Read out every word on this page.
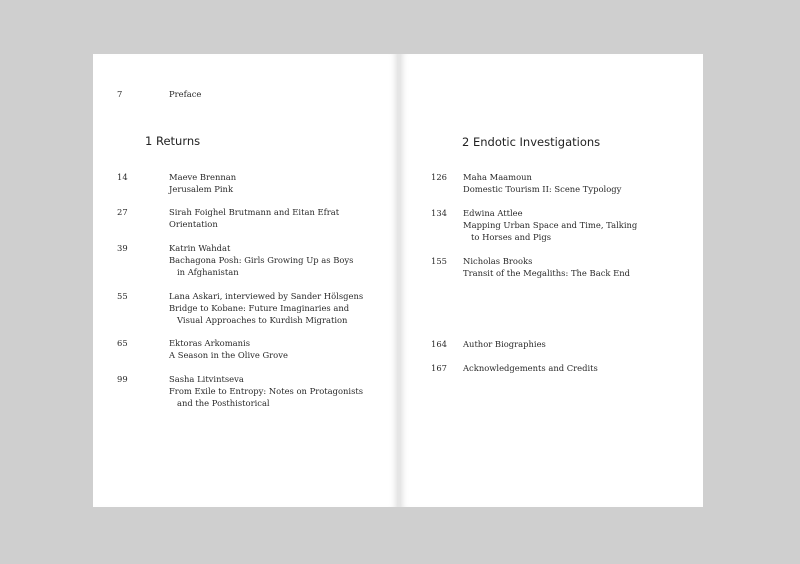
7	Preface
1 Returns
14	Maeve Brennan
Jerusalem Pink
27	Sirah Foighel Brutmann and Eitan Efrat
Orientation
39	Katrin Wahdat
Bachagona Posh: Girls Growing Up as Boys
in Afghanistan
55	Lana Askari, interviewed by Sander Hölsgens
Bridge to Kobane: Future Imaginaries and
Visual Approaches to Kurdish Migration
65	Ektoras Arkomanis
A Season in the Olive Grove
99	Sasha Litvintseva
From Exile to Entropy: Notes on Protagonists
and the Posthistorical
2 Endotic Investigations
126	Maha Maamoun
Domestic Tourism II: Scene Typology
134	Edwina Attlee
Mapping Urban Space and Time, Talking
to Horses and Pigs
155	Nicholas Brooks
Transit of the Megaliths: The Back End
164	Author Biographies
167	Acknowledgements and Credits
